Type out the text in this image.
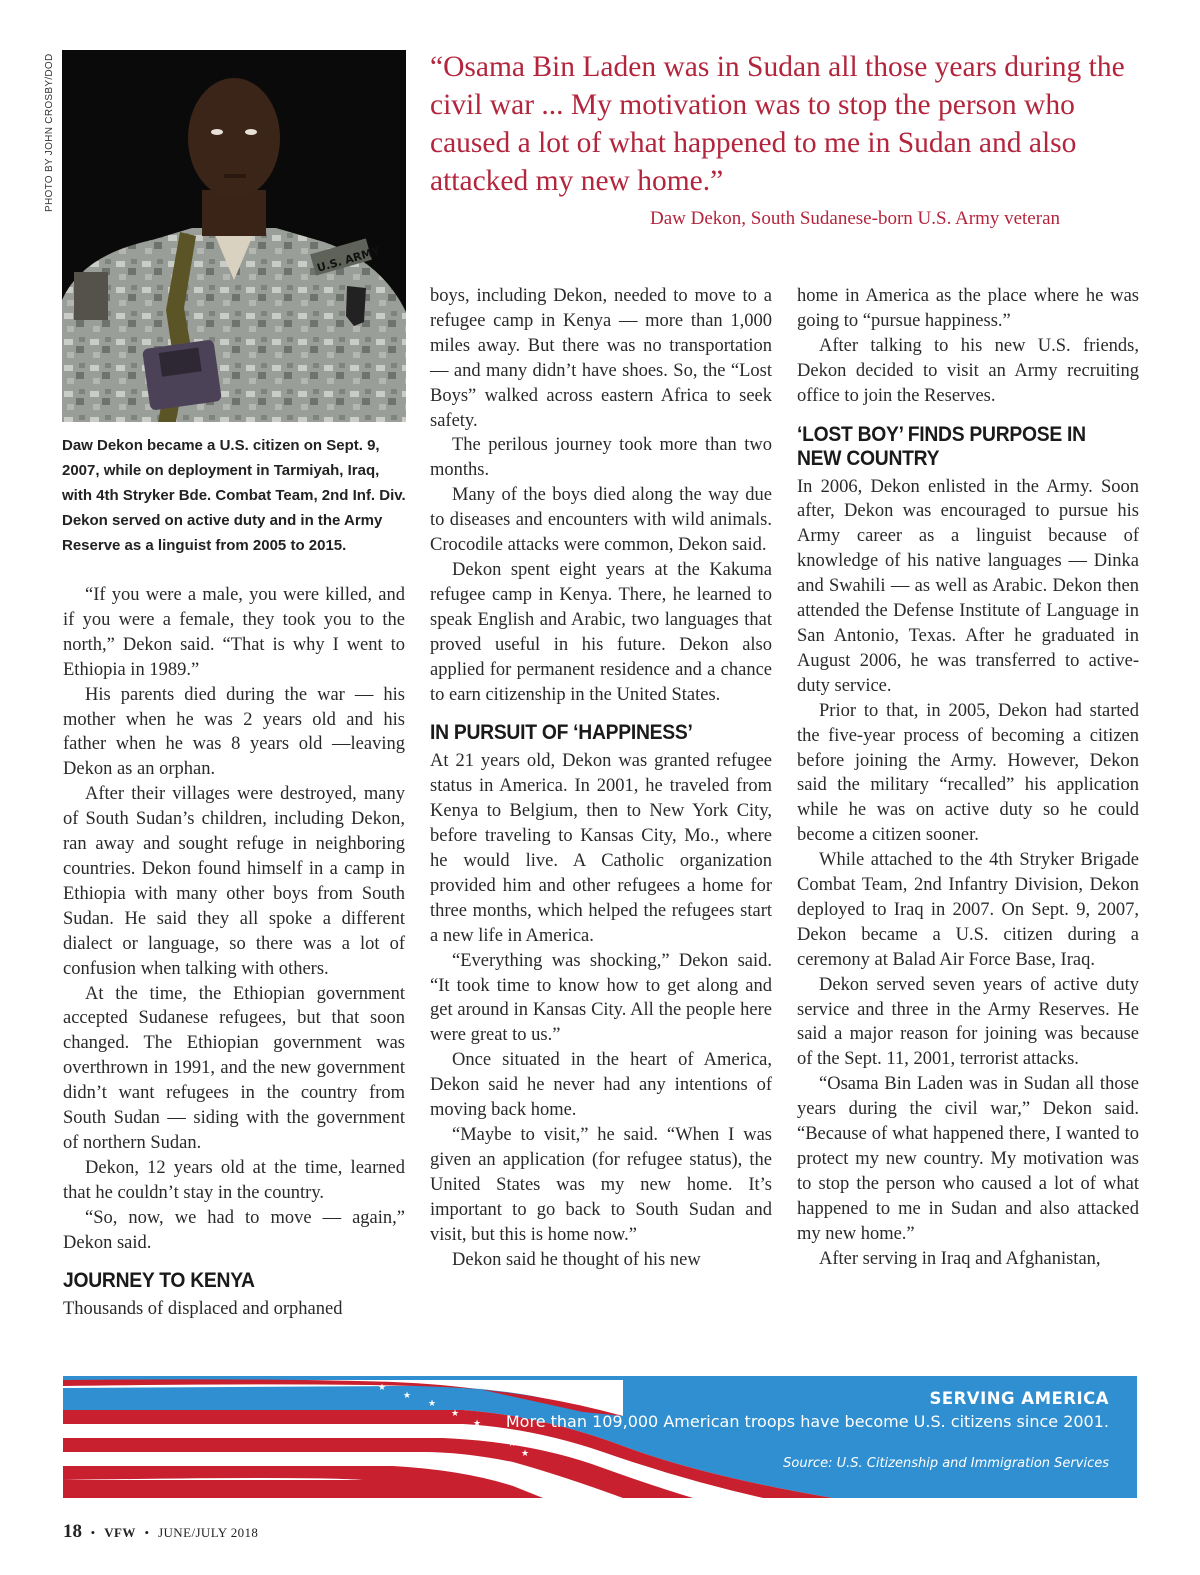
PHOTO BY JOHN CROSBY/DOD
U.S. ARMY
Daw Dekon became a U.S. citizen on Sept. 9, 2007, while on deployment in Tarmiyah, Iraq, with 4th Stryker Bde. Combat Team, 2nd Inf. Div. Dekon served on active duty and in the Army Reserve as a linguist from 2005 to 2015.
“Osama Bin Laden was in Sudan all those years during the civil war ... My motivation was to stop the person who caused a lot of what happened to me in Sudan and also attacked my new home.”
Daw Dekon, South Sudanese-born U.S. Army veteran

“If you were a male, you were killed, and if you were a female, they took you to the north,” Dekon said. “That is why I went to Ethiopia in 1989.”

His parents died during the war — his mother when he was 2 years old and his father when he was 8 years old —leaving Dekon as an orphan.

After their villages were destroyed, many of South Sudan’s children, including Dekon, ran away and sought refuge in neighboring countries. Dekon found himself in a camp in Ethiopia with many other boys from South Sudan. He said they all spoke a different dialect or language, so there was a lot of confusion when talking with others.

At the time, the Ethiopian government accepted Sudanese refugees, but that soon changed. The Ethiopian government was overthrown in 1991, and the new government didn’t want refugees in the country from South Sudan — siding with the government of northern Sudan.

Dekon, 12 years old at the time, learned that he couldn’t stay in the country.

“So, now, we had to move — again,” Dekon said.

JOURNEY TO KENYA

Thousands of displaced and orphaned

boys, including Dekon, needed to move to a refugee camp in Kenya — more than 1,000 miles away. But there was no transportation — and many didn’t have shoes. So, the “Lost Boys” walked across eastern Africa to seek safety.

The perilous journey took more than two months.

Many of the boys died along the way due to diseases and encounters with wild animals. Crocodile attacks were common, Dekon said.

Dekon spent eight years at the Kakuma refugee camp in Kenya. There, he learned to speak English and Arabic, two languages that proved useful in his future. Dekon also applied for permanent residence and a chance to earn citizenship in the United States.

IN PURSUIT OF ‘HAPPINESS’

At 21 years old, Dekon was granted refugee status in America. In 2001, he traveled from Kenya to Belgium, then to New York City, before traveling to Kansas City, Mo., where he would live. A Catholic organization provided him and other refugees a home for three months, which helped the refugees start a new life in America.

“Everything was shocking,” Dekon said. “It took time to know how to get along and get around in Kansas City. All the people here were great to us.”

Once situated in the heart of America, Dekon said he never had any intentions of moving back home.

“Maybe to visit,” he said. “When I was given an application (for refugee status), the United States was my new home. It’s important to go back to South Sudan and visit, but this is home now.”

Dekon said he thought of his new

home in America as the place where he was going to “pursue happiness.”

After talking to his new U.S. friends, Dekon decided to visit an Army recruiting office to join the Reserves.

‘LOST BOY’ FINDS PURPOSE IN NEW COUNTRY

In 2006, Dekon enlisted in the Army. Soon after, Dekon was encouraged to pursue his Army career as a linguist because of knowledge of his native languages — Dinka and Swahili — as well as Arabic. Dekon then attended the Defense Institute of Language in San Antonio, Texas. After he graduated in August 2006, he was transferred to active-duty service.

Prior to that, in 2005, Dekon had started the five-year process of becoming a citizen before joining the Army. However, Dekon said the military “recalled” his application while he was on active duty so he could become a citizen sooner.

While attached to the 4th Stryker Brigade Combat Team, 2nd Infantry Division, Dekon deployed to Iraq in 2007. On Sept. 9, 2007, Dekon became a U.S. citizen during a ceremony at Balad Air Force Base, Iraq.

Dekon served seven years of active duty service and three in the Army Reserves. He said a major reason for joining was because of the Sept. 11, 2001, terrorist attacks.

“Osama Bin Laden was in Sudan all those years during the civil war,” Dekon said. “Because of what happened there, I wanted to protect my new country. My motivation was to stop the person who caused a lot of what happened to me in Sudan and also attacked my new home.”

After serving in Iraq and Afghanistan,

★
★
★
★
★
★
★
★
SERVING AMERICA
More than 109,000 American troops have become U.S. citizens since 2001.
Source: U.S. Citizenship and Immigration Services
18 • VFW • JUNE/JULY 2018
